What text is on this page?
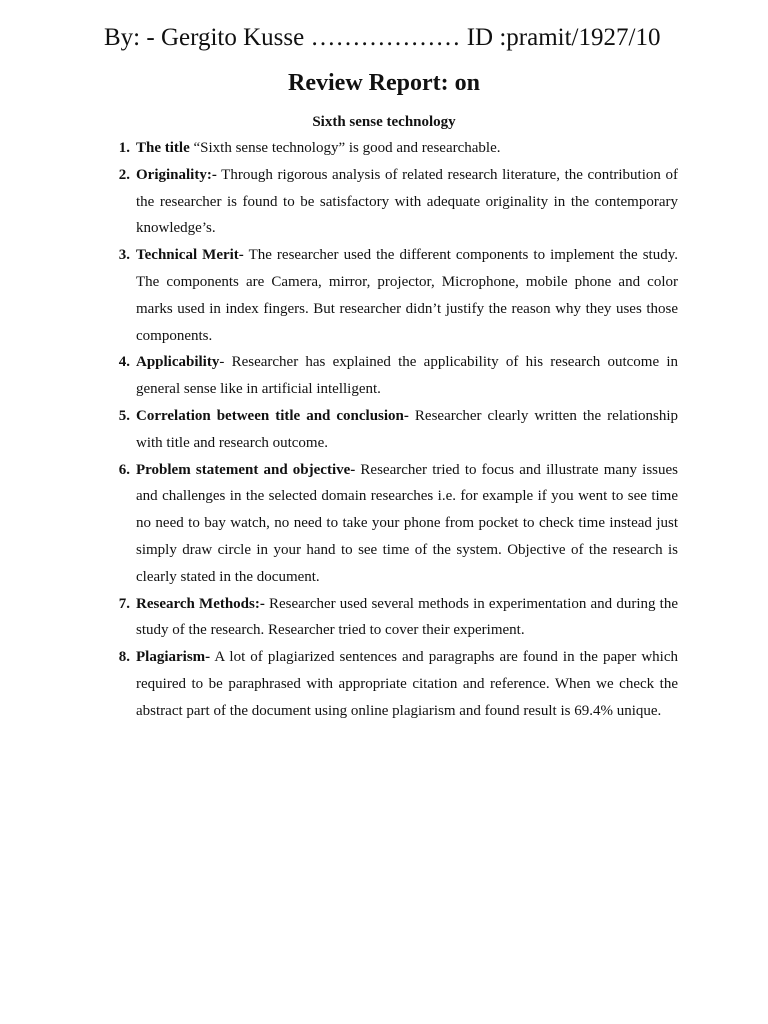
By: - Gergito Kusse ……………… ID :pramit/1927/10
Review Report: on
Sixth sense technology
1. The title “Sixth sense technology” is good and researchable.

2. Originality:- Through rigorous analysis of related research literature, the contribution of the researcher is found to be satisfactory with adequate originality in the contemporary knowledge’s.

3. Technical Merit- The researcher used the different components to implement the study. The components are Camera, mirror, projector, Microphone, mobile phone and color marks used in index fingers. But researcher didn’t justify the reason why they uses those components.

4. Applicability- Researcher has explained the applicability of his research outcome in general sense like in artificial intelligent.

5. Correlation between title and conclusion- Researcher clearly written the relationship with title and research outcome.

6. Problem statement and objective- Researcher tried to focus and illustrate many issues and challenges in the selected domain researches i.e. for example if you went to see time no need to bay watch, no need to take your phone from pocket to check time instead just simply draw circle in your hand to see time of the system. Objective of the research is clearly stated in the document.

7. Research Methods:- Researcher used several methods in experimentation and during the study of the research. Researcher tried to cover their experiment.

8. Plagiarism- A lot of plagiarized sentences and paragraphs are found in the paper which required to be paraphrased with appropriate citation and reference. When we check the abstract part of the document using online plagiarism and found result is 69.4% unique.
